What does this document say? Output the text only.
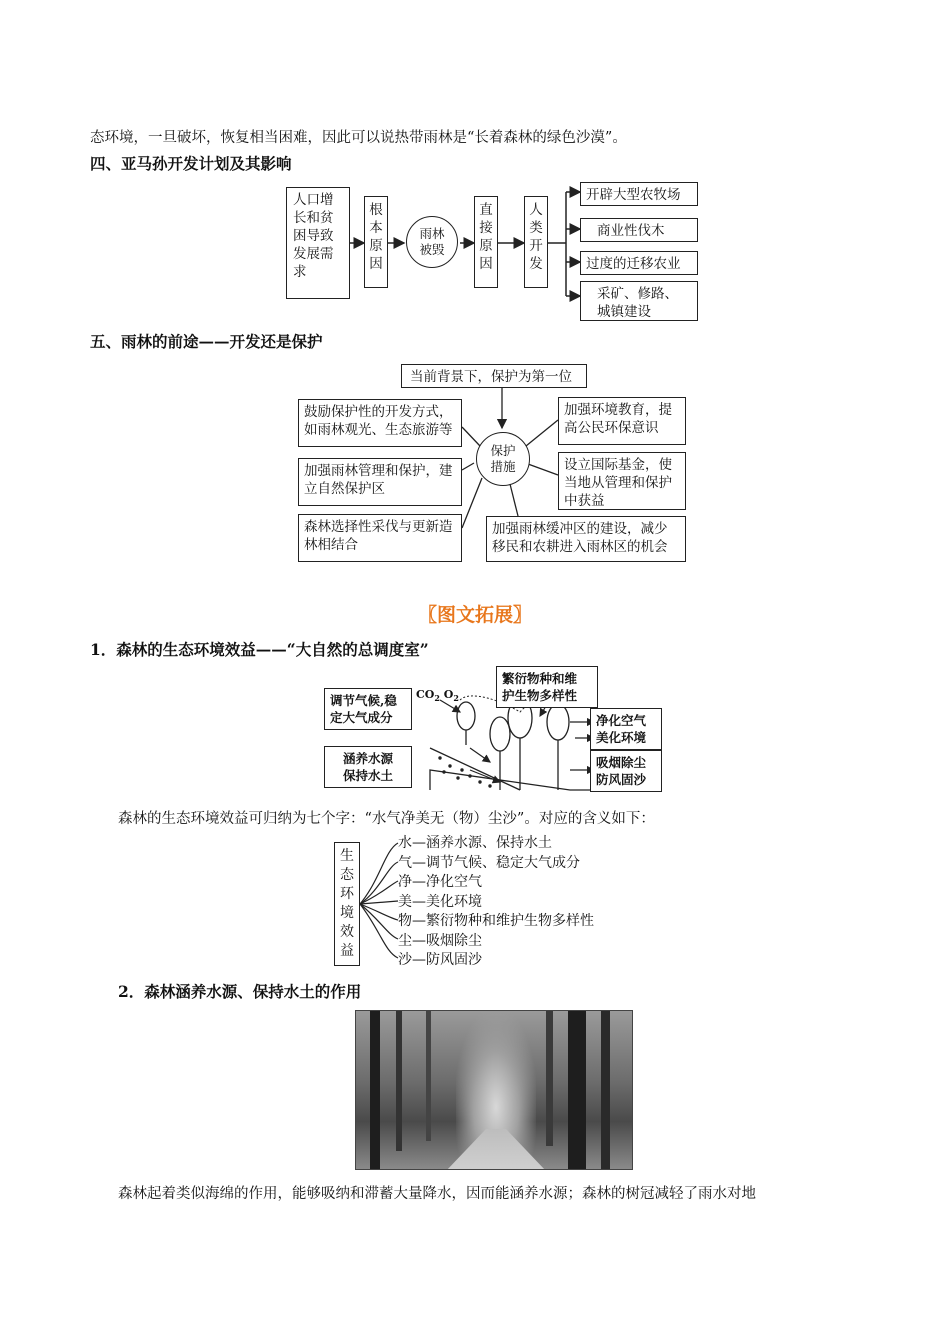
态环境，一旦破坏，恢复相当困难，因此可以说热带雨林是“长着森林的绿色沙漠”。
四、亚马孙开发计划及其影响
人口增
长和贫
困导致
发展需
求
根
本
原
因
雨林
被毁
直
接
原
因
人
类
开
发
开辟大型农牧场
商业性伐木
过度的迁移农业
采矿、修路、
城镇建设
五、雨林的前途——开发还是保护
当前背景下，保护为第一位
保护
措施
鼓励保护性的开发方式，
如雨林观光、生态旅游等
加强雨林管理和保护，建
立自然保护区
森林选择性采伐与更新造
林相结合
加强环境教育，提
高公民环保意识
设立国际基金，使
当地从管理和保护
中获益
加强雨林缓冲区的建设，减少
移民和农耕进入雨林区的机会
〖图文拓展〗
1．森林的生态环境效益——“大自然的总调度室”
$CO_2$ $O_2$
调节气候,稳
定大气成分
涵养水源
保持水土
繁衍物种和维
护生物多样性
净化空气
美化环境
吸烟除尘
防风固沙
森林的生态环境效益可归纳为七个字：“水气净美无（物）尘沙”。对应的含义如下：
生
态
环
境
效
益
水—涵养水源、保持水土
气—调节气候、稳定大气成分
净—净化空气
美—美化环境
物—繁衍物种和维护生物多样性
尘—吸烟除尘
沙—防风固沙
2．森林涵养水源、保持水土的作用
森林起着类似海绵的作用，能够吸纳和滞蓄大量降水，因而能涵养水源；森林的树冠减轻了雨水对地
